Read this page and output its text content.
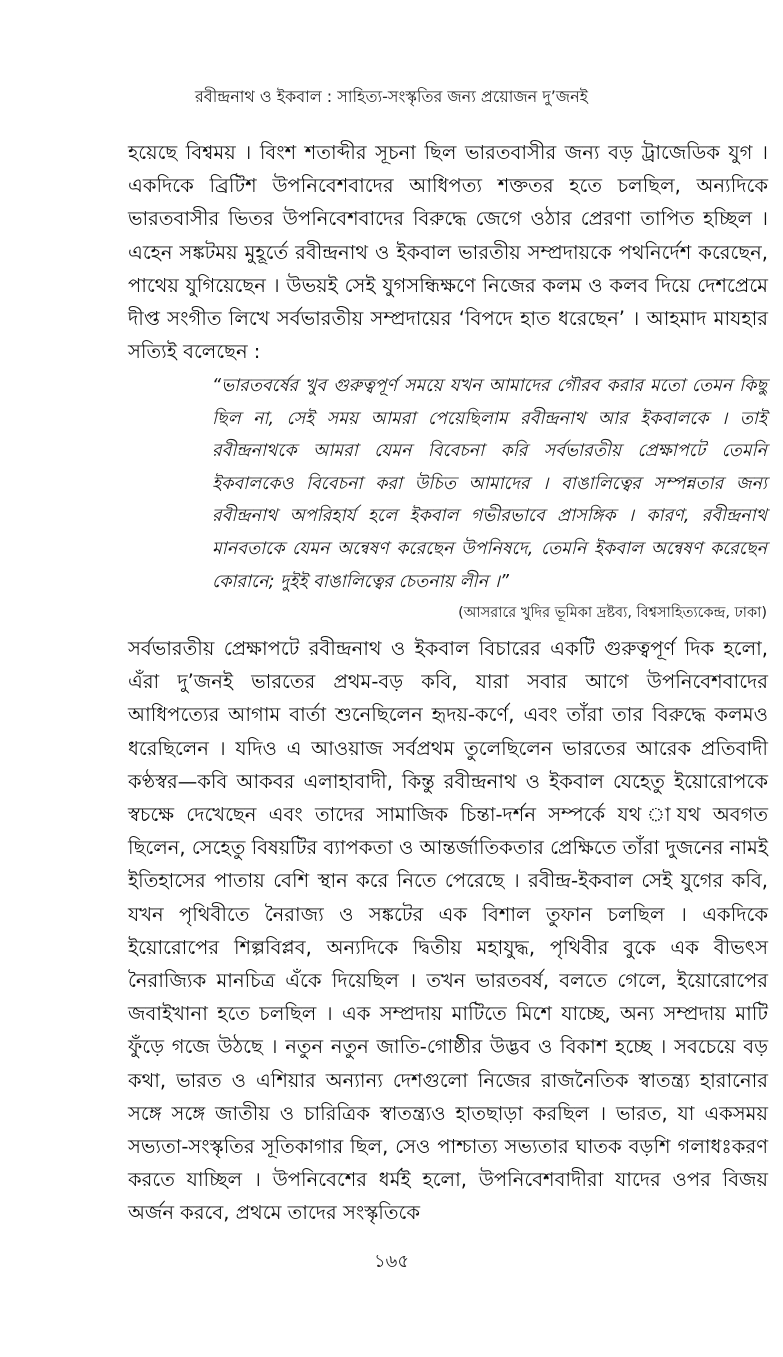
রবীন্দ্রনাথ ও ইকবাল : সাহিত্য-সংস্কৃতির জন্য প্রয়োজন দু’জনই

হয়েছে বিশ্বময় । বিংশ শতাব্দীর সূচনা ছিল ভারতবাসীর জন্য বড় ট্রাজেডিক যুগ । একদিকে ব্রিটিশ উপনিবেশবাদের আধিপত্য শক্ততর হতে চলছিল, অন্যদিকে ভারতবাসীর ভিতর উপনিবেশবাদের বিরুদ্ধে জেগে ওঠার প্রেরণা তাপিত হচ্ছিল । এহেন সঙ্কটময় মুহূর্তে রবীন্দ্রনাথ ও ইকবাল ভারতীয় সম্প্রদায়কে পথনির্দেশ করেছেন, পাথেয় যুগিয়েছেন । উভয়ই সেই যুগসন্ধিক্ষণে নিজের কলম ও কলব দিয়ে দেশপ্রেমে দীপ্ত সংগীত লিখে সর্বভারতীয় সম্প্রদায়ের ‘বিপদে হাত ধরেছেন’ । আহমাদ মাযহার সত্যিই বলেছেন :

“ভারতবর্ষের খুব গুরুত্বপূর্ণ সময়ে যখন আমাদের গৌরব করার মতো তেমন কিছু ছিল না, সেই সময় আমরা পেয়েছিলাম রবীন্দ্রনাথ আর ইকবালকে । তাই রবীন্দ্রনাথকে আমরা যেমন বিবেচনা করি সর্বভারতীয় প্রেক্ষাপটে তেমনি ইকবালকেও বিবেচনা করা উচিত আমাদের । বাঙালিত্বের সম্পন্নতার জন্য রবীন্দ্রনাথ অপরিহার্য হলে ইকবাল গভীরভাবে প্রাসঙ্গিক । কারণ, রবীন্দ্রনাথ মানবতাকে যেমন অন্বেষণ করেছেন উপনিষদে, তেমনি ইকবাল অন্বেষণ করেছেন কোরানে; দুইই বাঙালিত্বের চেতনায় লীন ।”

(আসরারে খুদির ভূমিকা দ্রষ্টব্য, বিশ্বসাহিত্যকেন্দ্র, ঢাকা)

সর্বভারতীয় প্রেক্ষাপটে রবীন্দ্রনাথ ও ইকবাল বিচারের একটি গুরুত্বপূর্ণ দিক হলো, এঁরা দু’জনই ভারতের প্রথম-বড় কবি, যারা সবার আগে উপনিবেশবাদের আধিপত্যের আগাম বার্তা শুনেছিলেন হৃদয়-কর্ণে, এবং তাঁরা তার বিরুদ্ধে কলমও ধরেছিলেন । যদিও এ আওয়াজ সর্বপ্রথম তুলেছিলেন ভারতের আরেক প্রতিবাদী কণ্ঠস্বর—কবি আকবর এলাহাবাদী, কিন্তু রবীন্দ্রনাথ ও ইকবাল যেহেতু ইয়োরোপকে স্বচক্ষে দেখেছেন এবং তাদের সামাজিক চিন্তা-দর্শন সম্পর্কে যথ াযথ অবগত ছিলেন, সেহেতু বিষয়টির ব্যাপকতা ও আন্তর্জাতিকতার প্রেক্ষিতে তাঁরা দুজনের নামই ইতিহাসের পাতায় বেশি স্থান করে নিতে পেরেছে । রবীন্দ্র-ইকবাল সেই যুগের কবি, যখন পৃথিবীতে নৈরাজ্য ও সঙ্কটের এক বিশাল তুফান চলছিল । একদিকে ইয়োরোপের শিল্পবিপ্লব, অন্যদিকে দ্বিতীয় মহাযুদ্ধ, পৃথিবীর বুকে এক বীভৎস নৈরাজ্যিক মানচিত্র এঁকে দিয়েছিল । তখন ভারতবর্ষ, বলতে গেলে, ইয়োরোপের জবাইখানা হতে চলছিল । এক সম্প্রদায় মাটিতে মিশে যাচ্ছে, অন্য সম্প্রদায় মাটি ফুঁড়ে গজে উঠছে । নতুন নতুন জাতি-গোষ্ঠীর উদ্ভব ও বিকাশ হচ্ছে । সবচেয়ে বড় কথা, ভারত ও এশিয়ার অন্যান্য দেশগুলো নিজের রাজনৈতিক স্বাতন্ত্র্য হারানোর সঙ্গে সঙ্গে জাতীয় ও চারিত্রিক স্বাতন্ত্র্যও হাতছাড়া করছিল । ভারত, যা একসময় সভ্যতা-সংস্কৃতির সূতিকাগার ছিল, সেও পাশ্চাত্য সভ্যতার ঘাতক বড়শি গলাধঃকরণ করতে যাচ্ছিল । উপনিবেশের ধর্মই হলো, উপনিবেশবাদীরা যাদের ওপর বিজয় অর্জন করবে, প্রথমে তাদের সংস্কৃতিকে

১৬৫
